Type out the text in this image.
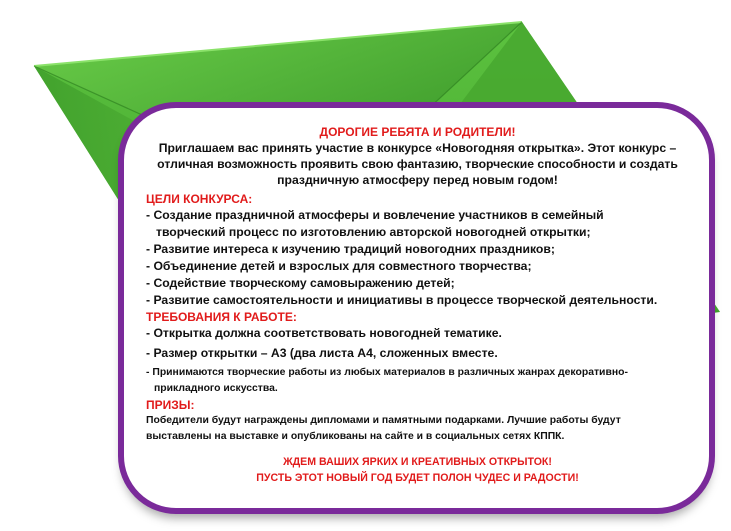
ДОРОГИЕ РЕБЯТА И РОДИТЕЛИ!

Приглашаем вас принять участие в конкурсе «Новогодняя открытка». Этот конкурс –

отличная возможность проявить свою фантазию, творческие способности и создать

праздничную атмосферу перед новым годом!

ЦЕЛИ КОНКУРСА:

- Создание праздничной атмосферы и вовлечение участников в семейный

творческий процесс по изготовлению авторской новогодней открытки;

- Развитие интереса к изучению традиций новогодних праздников;

- Объединение детей и взрослых для совместного творчества;

- Содействие творческому самовыражению детей;

- Развитие самостоятельности и инициативы в процессе творческой деятельности.

ТРЕБОВАНИЯ К РАБОТЕ:

- Открытка должна соответствовать новогодней тематике.

- Размер открытки – А3 (два листа А4, сложенных вместе.

- Принимаются творческие работы из любых материалов в различных жанрах декоративно-
прикладного искусства.

ПРИЗЫ:

Победители будут награждены дипломами и памятными подарками. Лучшие работы будут

выставлены на выставке и опубликованы на сайте и в социальных сетях КППК.

ЖДЕМ ВАШИХ ЯРКИХ И КРЕАТИВНЫХ ОТКРЫТОК!

ПУСТЬ ЭТОТ НОВЫЙ ГОД БУДЕТ ПОЛОН ЧУДЕС И РАДОСТИ!
